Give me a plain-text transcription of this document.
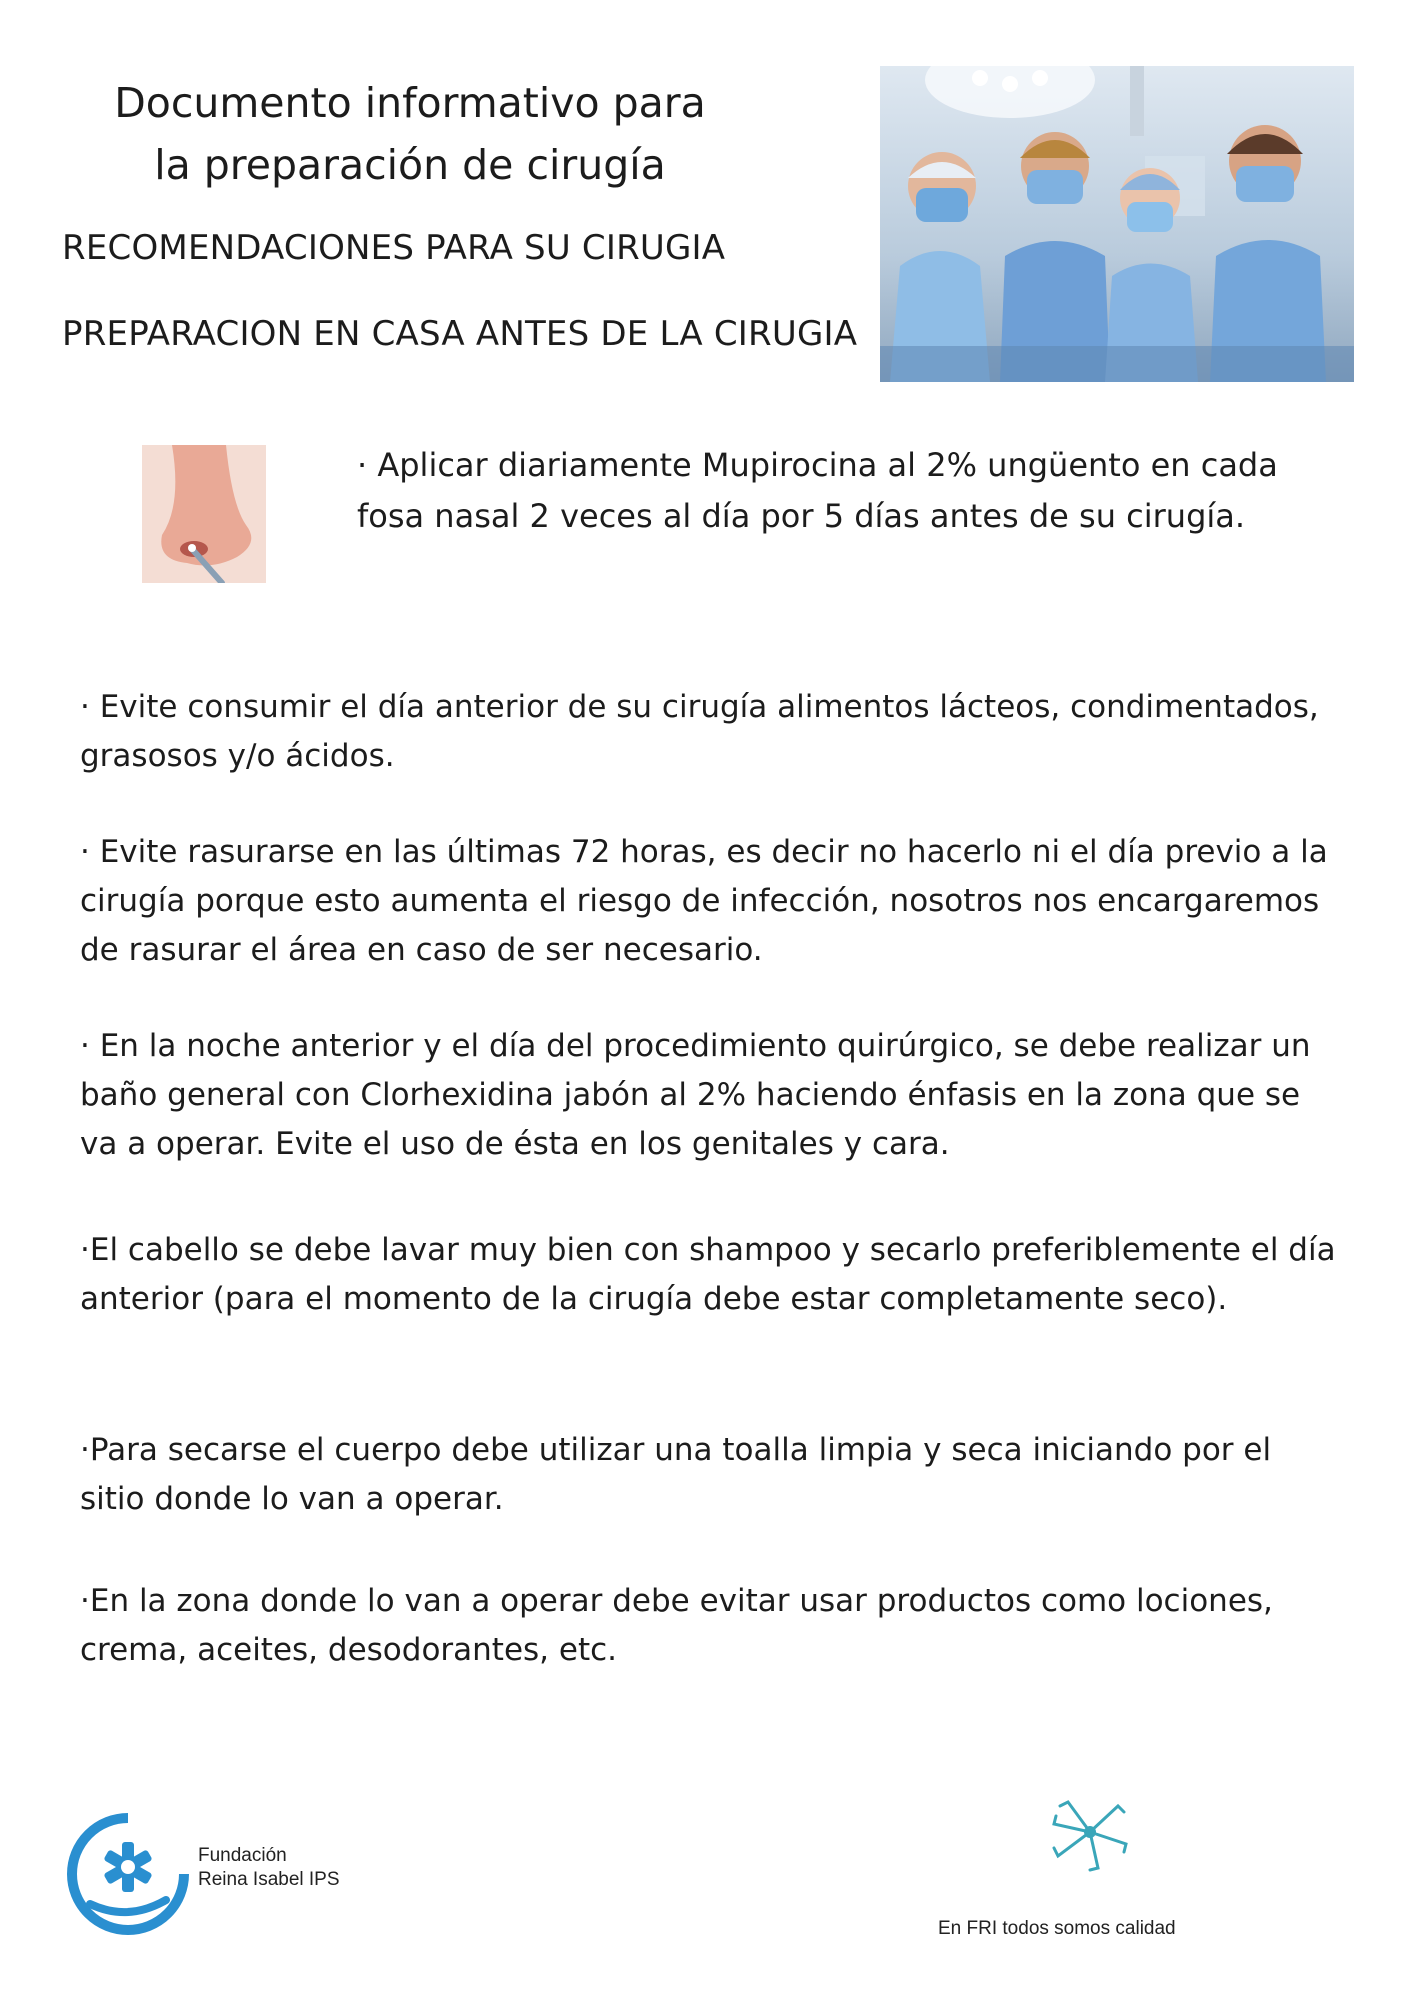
Documento informativo para
la preparación de cirugía
RECOMENDACIONES PARA SU CIRUGIA
PREPARACION EN CASA ANTES DE LA CIRUGIA
· Aplicar diariamente Mupirocina al 2% ungüento en cada fosa nasal 2 veces al día por 5 días antes de su cirugía.
· Evite consumir el día anterior de su cirugía alimentos lácteos, condimentados, grasosos y/o ácidos.
· Evite rasurarse en las últimas 72 horas, es decir no hacerlo ni el día previo a la cirugía porque esto aumenta el riesgo de infección, nosotros nos encargaremos de rasurar el área en caso de ser necesario.
· En la noche anterior y el día del procedimiento quirúrgico, se debe realizar un baño general con Clorhexidina jabón al 2% haciendo énfasis en la zona que se va a operar. Evite el uso de ésta en los genitales y cara.
·El cabello se debe lavar muy bien con shampoo y secarlo preferiblemente el día anterior (para el momento de la cirugía debe estar completamente seco).
·Para secarse el cuerpo debe utilizar una toalla limpia y seca iniciando por el sitio donde lo van a operar.
·En la zona donde lo van a operar debe evitar usar productos como lociones, crema, aceites, desodorantes, etc.
Fundación
Reina Isabel IPS
En FRI todos somos calidad
